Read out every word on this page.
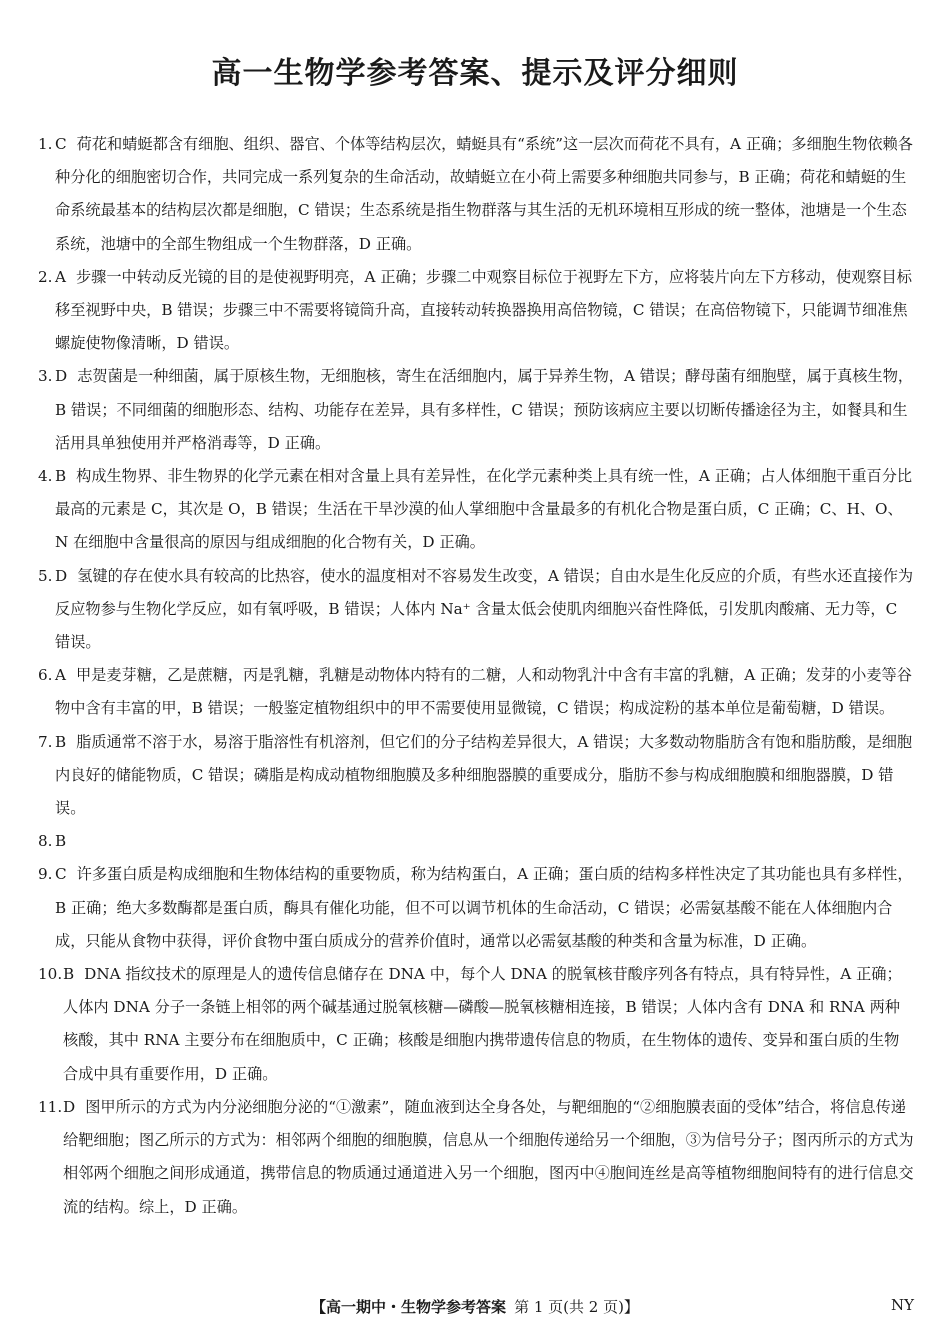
高一生物学参考答案、提示及评分细则
1. C 荷花和蜻蜓都含有细胞、组织、器官、个体等结构层次，蜻蜓具有“系统”这一层次而荷花不具有，A 正确；多细胞生物依赖各种分化的细胞密切合作，共同完成一系列复杂的生命活动，故蜻蜓立在小荷上需要多种细胞共同参与，B 正确；荷花和蜻蜓的生命系统最基本的结构层次都是细胞，C 错误；生态系统是指生物群落与其生活的无机环境相互形成的统一整体，池塘是一个生态系统，池塘中的全部生物组成一个生物群落，D 正确。
2. A 步骤一中转动反光镜的目的是使视野明亮，A 正确；步骤二中观察目标位于视野左下方，应将装片向左下方移动，使观察目标移至视野中央，B 错误；步骤三中不需要将镜筒升高，直接转动转换器换用高倍物镜，C 错误；在高倍物镜下，只能调节细准焦螺旋使物像清晰，D 错误。
3. D 志贺菌是一种细菌，属于原核生物，无细胞核，寄生在活细胞内，属于异养生物，A 错误；酵母菌有细胞壁，属于真核生物，B 错误；不同细菌的细胞形态、结构、功能存在差异，具有多样性，C 错误；预防该病应主要以切断传播途径为主，如餐具和生活用具单独使用并严格消毒等，D 正确。
4. B 构成生物界、非生物界的化学元素在相对含量上具有差异性，在化学元素种类上具有统一性，A 正确；占人体细胞干重百分比最高的元素是 C，其次是 O，B 错误；生活在干旱沙漠的仙人掌细胞中含量最多的有机化合物是蛋白质，C 正确；C、H、O、N 在细胞中含量很高的原因与组成细胞的化合物有关，D 正确。
5. D 氢键的存在使水具有较高的比热容，使水的温度相对不容易发生改变，A 错误；自由水是生化反应的介质，有些水还直接作为反应物参与生物化学反应，如有氧呼吸，B 错误；人体内 Na⁺ 含量太低会使肌肉细胞兴奋性降低，引发肌肉酸痛、无力等，C 错误。
6. A 甲是麦芽糖，乙是蔗糖，丙是乳糖，乳糖是动物体内特有的二糖，人和动物乳汁中含有丰富的乳糖，A 正确；发芽的小麦等谷物中含有丰富的甲，B 错误；一般鉴定植物组织中的甲不需要使用显微镜，C 错误；构成淀粉的基本单位是葡萄糖，D 错误。
7. B 脂质通常不溶于水，易溶于脂溶性有机溶剂，但它们的分子结构差异很大，A 错误；大多数动物脂肪含有饱和脂肪酸，是细胞内良好的储能物质，C 错误；磷脂是构成动植物细胞膜及多种细胞器膜的重要成分，脂肪不参与构成细胞膜和细胞器膜，D 错误。
8. B
9. C 许多蛋白质是构成细胞和生物体结构的重要物质，称为结构蛋白，A 正确；蛋白质的结构多样性决定了其功能也具有多样性，B 正确；绝大多数酶都是蛋白质，酶具有催化功能，但不可以调节机体的生命活动，C 错误；必需氨基酸不能在人体细胞内合成，只能从食物中获得，评价食物中蛋白质成分的营养价值时，通常以必需氨基酸的种类和含量为标准，D 正确。
10. B DNA 指纹技术的原理是人的遗传信息储存在 DNA 中，每个人 DNA 的脱氧核苷酸序列各有特点，具有特异性，A 正确；人体内 DNA 分子一条链上相邻的两个碱基通过脱氧核糖—磷酸—脱氧核糖相连接，B 错误；人体内含有 DNA 和 RNA 两种核酸，其中 RNA 主要分布在细胞质中，C 正确；核酸是细胞内携带遗传信息的物质，在生物体的遗传、变异和蛋白质的生物合成中具有重要作用，D 正确。
11. D 图甲所示的方式为内分泌细胞分泌的“①激素”，随血液到达全身各处，与靶细胞的“②细胞膜表面的受体”结合，将信息传递给靶细胞；图乙所示的方式为：相邻两个细胞的细胞膜，信息从一个细胞传递给另一个细胞，③为信号分子；图丙所示的方式为相邻两个细胞之间形成通道，携带信息的物质通过通道进入另一个细胞，图丙中④胞间连丝是高等植物细胞间特有的进行信息交流的结构。综上，D 正确。
【高一期中・生物学参考答案 第 1 页(共 2 页)】	NY
